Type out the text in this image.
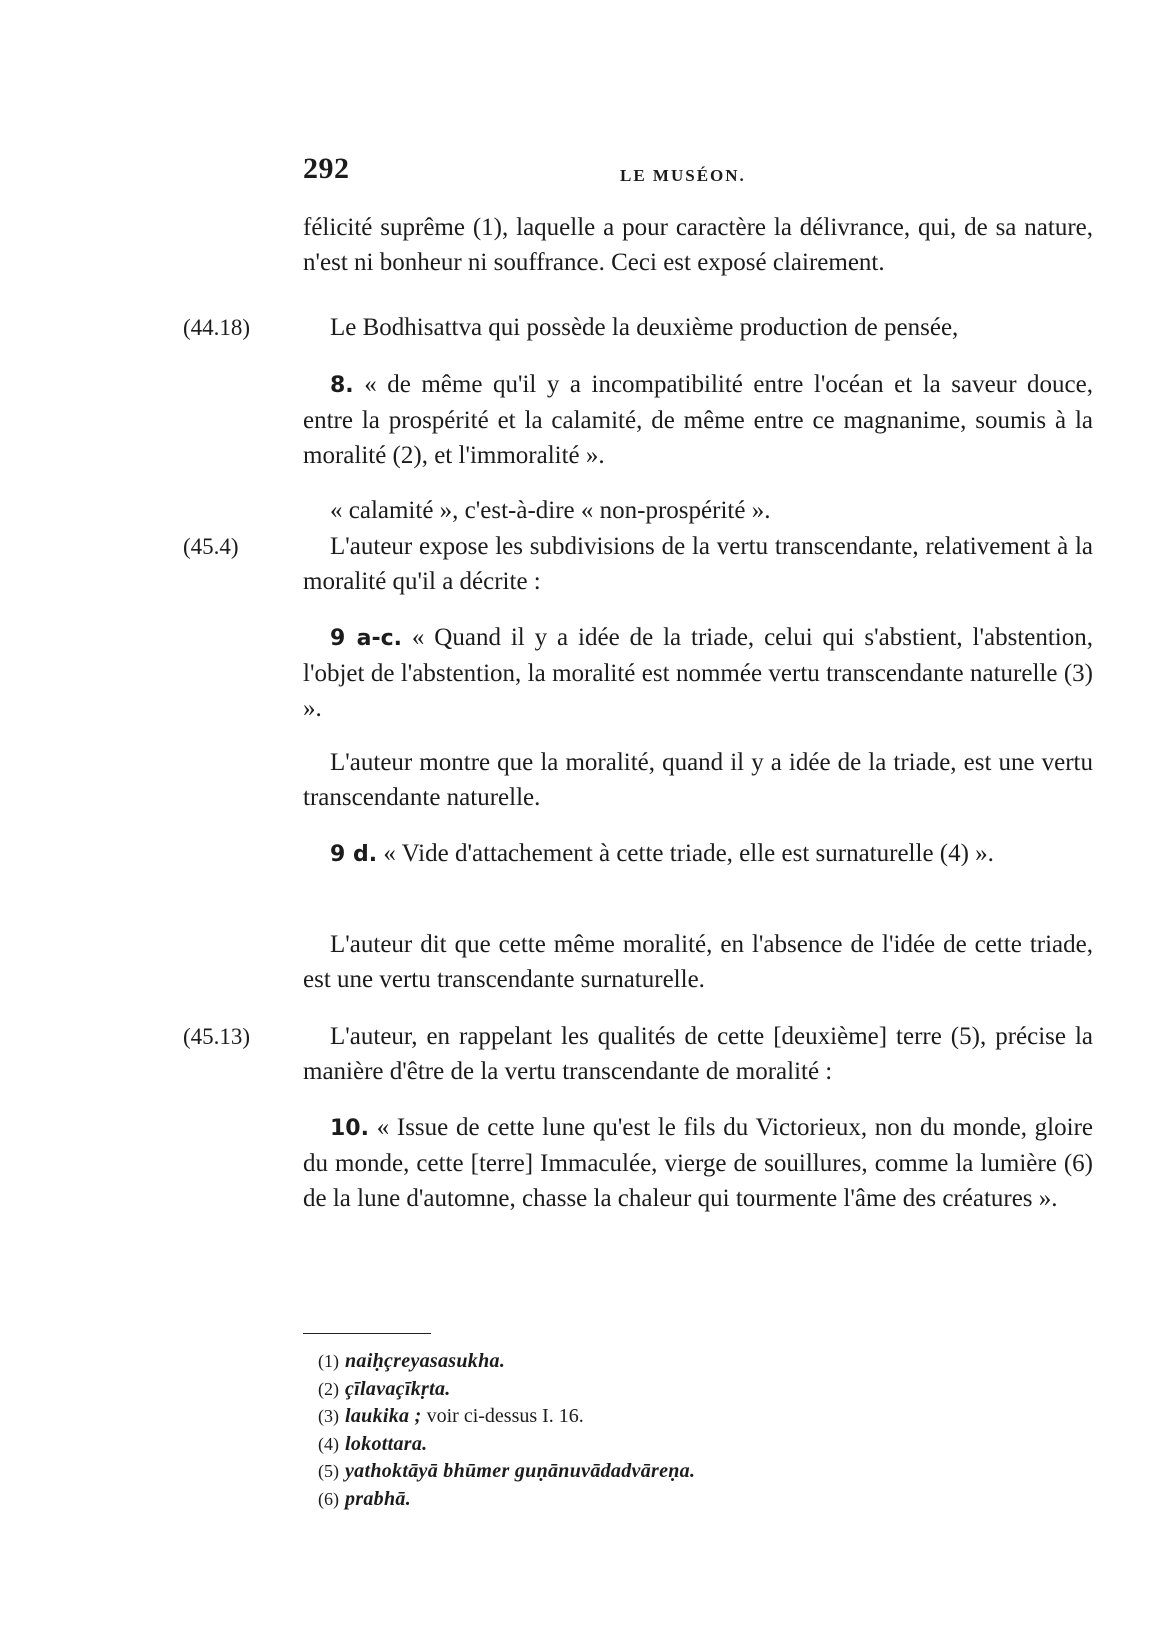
292	LE MUSÉON.
(44.18)
(45.4)
(45.13)

félicité suprême (1), laquelle a pour caractère la délivrance, qui, de sa nature, n'est ni bonheur ni souffrance. Ceci est exposé clairement.

Le Bodhisattva qui possède la deuxième production de pensée,

8. « de même qu'il y a incompatibilité entre l'océan et la saveur douce, entre la prospérité et la calamité, de même entre ce magnanime, soumis à la moralité (2), et l'immoralité ».

« calamité », c'est-à-dire « non-prospérité ».

L'auteur expose les subdivisions de la vertu transcendante, relativement à la moralité qu'il a décrite :

9 a-c. « Quand il y a idée de la triade, celui qui s'abstient, l'abstention, l'objet de l'abstention, la moralité est nommée vertu transcendante naturelle (3) ».

L'auteur montre que la moralité, quand il y a idée de la triade, est une vertu transcendante naturelle.

9 d. « Vide d'attachement à cette triade, elle est surnaturelle (4) ».

L'auteur dit que cette même moralité, en l'absence de l'idée de cette triade, est une vertu transcendante surnaturelle.

L'auteur, en rappelant les qualités de cette [deuxième] terre (5), précise la manière d'être de la vertu transcendante de moralité :

10. « Issue de cette lune qu'est le fils du Victorieux, non du monde, gloire du monde, cette [terre] Immaculée, vierge de souillures, comme la lumière (6) de la lune d'automne, chasse la chaleur qui tourmente l'âme des créatures ».

(1) naiḥçreyasasukha.
(2) çīlavaçīkṛta.
(3) laukika ; voir ci-dessus I. 16.
(4) lokottara.
(5) yathoktāyā bhūmer guṇānuvādadvāreṇa.
(6) prabhā.
